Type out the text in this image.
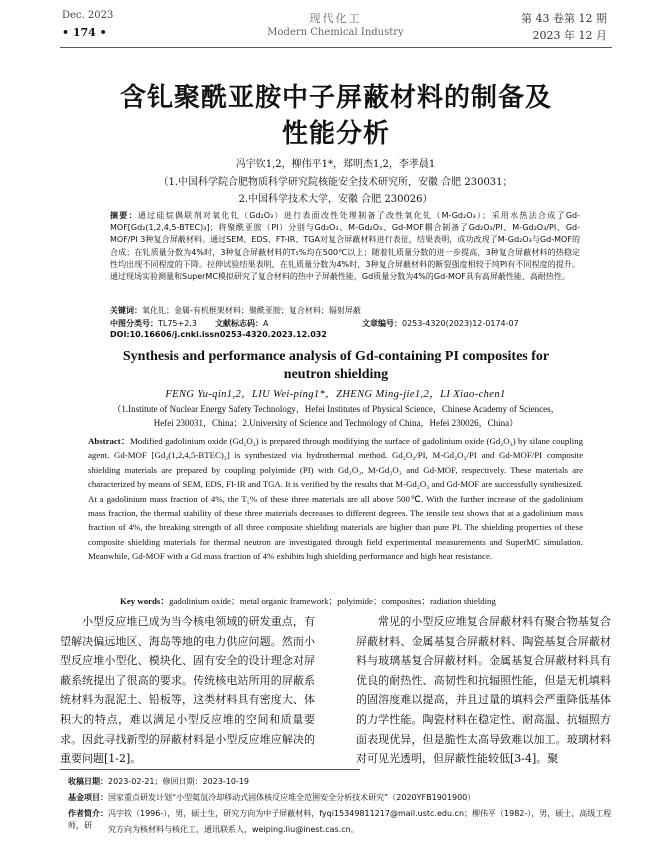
Dec. 2023
• 174 •
现代化工
Modern Chemical Industry
第 43 卷第 12 期
2023 年 12 月
含钆聚酰亚胺中子屏蔽材料的制备及
性能分析
冯宇钦1,2，柳伟平1*，郑明杰1,2，李孝晨1
（1.中国科学院合肥物质科学研究院核能安全技术研究所，安徽 合肥 230031；
2.中国科学技术大学，安徽 合肥 230026）
摘要：通过硅烷偶联剂对氧化钆（Gd₂O₃）进行表面改性处理制备了改性氧化钆（M-Gd₂O₃）；采用水热法合成了Gd-MOF[Gd₂(1,2,4,5-BTEC)₃]；将聚酰亚胺（PI）分别与Gd₂O₃、M-Gd₂O₃、Gd-MOF耦合制备了Gd₂O₃/PI、M-Gd₂O₃/PI、Gd-MOF/PI 3种复合屏蔽材料。通过SEM、EDS、FT-IR、TGA对复合屏蔽材料进行表征，结果表明，成功改现了M-Gd₂O₃与Gd-MOF的合成；在钆质量分数为4%时，3种复合屏蔽材料的T₅%均在500℃以上；随着钆质量分数的进一步提高，3种复合屏蔽材料的热稳定性均出现不同程度的下降。拉伸试验结果表明，在钆质量分数为4%时，3种复合屏蔽材料的断裂强度相较于纯PI有不同程度的提升。通过现场实验测量和SuperMC模拟研究了复合材料的热中子屏蔽性能，Gd质量分数为4%的Gd-MOF具有高屏蔽性能、高耐热性。
关键词：氧化钆；金属-有机框架材料；聚酰亚胺；复合材料；辐射屏蔽
中图分类号：TL75+2.3 文献标志码：A	文章编号：0253-4320(2023)12-0174-07
DOI:10.16606/j.cnki.issn0253-4320.2023.12.032
Synthesis and performance analysis of Gd-containing PI composites for
neutron shielding
FENG Yu-qin1,2，LIU Wei-ping1*，ZHENG Ming-jie1,2，LI Xiao-chen1
（1.Institute of Nuclear Energy Safety Technology，Hefei Institutes of Physical Science，Chinese Academy of Sciences，
Hefei 230031，China；2.University of Science and Technology of China，Hefei 230026，China）
Abstract：Modified gadolinium oxide (Gd₂O₃) is prepared through modifying the surface of gadolinium oxide (Gd₂O₃) by silane coupling agent. Gd-MOF [Gd₂(1,2,4,5-BTEC)₃] is synthesized via hydrothermal method. Gd₂O₃/PI, M-Gd₂O₃/PI and Gd-MOF/PI composite shielding materials are prepared by coupling polyimide (PI) with Gd₂O₃, M-Gd₂O₃ and Gd-MOF, respectively. These materials are characterized by means of SEM, EDS, FI-IR and TGA. It is verified by the results that M-Gd₂O₃ and Gd-MOF are successfully synthesized. At a gadolinium mass fraction of 4%, the T₅% of these three materials are all above 500℃. With the further increase of the gadolinium mass fraction, the thermal stability of these three materials decreases to different degrees. The tensile test shows that at a gadolinium mass fraction of 4%, the breaking strength of all three composite shielding materials are higher than pure PI. The shielding properties of these composite shielding materials for thermal neutron are investigated through field experimental measurements and SuperMC simulation. Meanwhile, Gd-MOF with a Gd mass fraction of 4% exhibits high shielding performance and high heat resistance.
Key words：gadolinium oxide；metal organic framework；polyimide；composites；radiation shielding
小型反应堆已成为当今核电领域的研发重点，有望解决偏远地区、海岛等地的电力供应问题。然而小型反应堆小型化、模块化、固有安全的设计理念对屏蔽系统提出了很高的要求。传统核电站所用的屏蔽系统材料为混泥土、铅板等，这类材料具有密度大、体积大的特点，难以满足小型反应堆的空间和质量要求。因此寻找新型的屏蔽材料是小型反应堆应解决的重要问题[1-2]。
常见的小型反应堆复合屏蔽材料有聚合物基复合屏蔽材料、金属基复合屏蔽材料、陶瓷基复合屏蔽材料与玻璃基复合屏蔽材料。金属基复合屏蔽材料具有优良的耐热性、高韧性和抗辐照性能，但是无机填料的固溶度难以提高，并且过量的填料会严重降低基体的力学性能。陶瓷材料在稳定性、耐高温、抗辐照方面表现优异，但是脆性太高导致难以加工。玻璃材料对可见光透明，但屏蔽性能较低[3-4]。聚
收稿日期：2023-02-21；修回日期：2023-10-19
基金项目：国家重点研发计划“小型氦氙冷却移动式固体核反应堆全范围安全分析技术研究”（2020YFB1901900）
作者简介：冯宇钦（1996-），男，硕士生，研究方向为中子屏蔽材料，fyqi15349811217@mail.ustc.edu.cn；柳伟平（1982-），男，硕士，高级工程师，研	究方向为核材料与核化工，通讯联系人，weiping.liu@inest.cas.cn。
